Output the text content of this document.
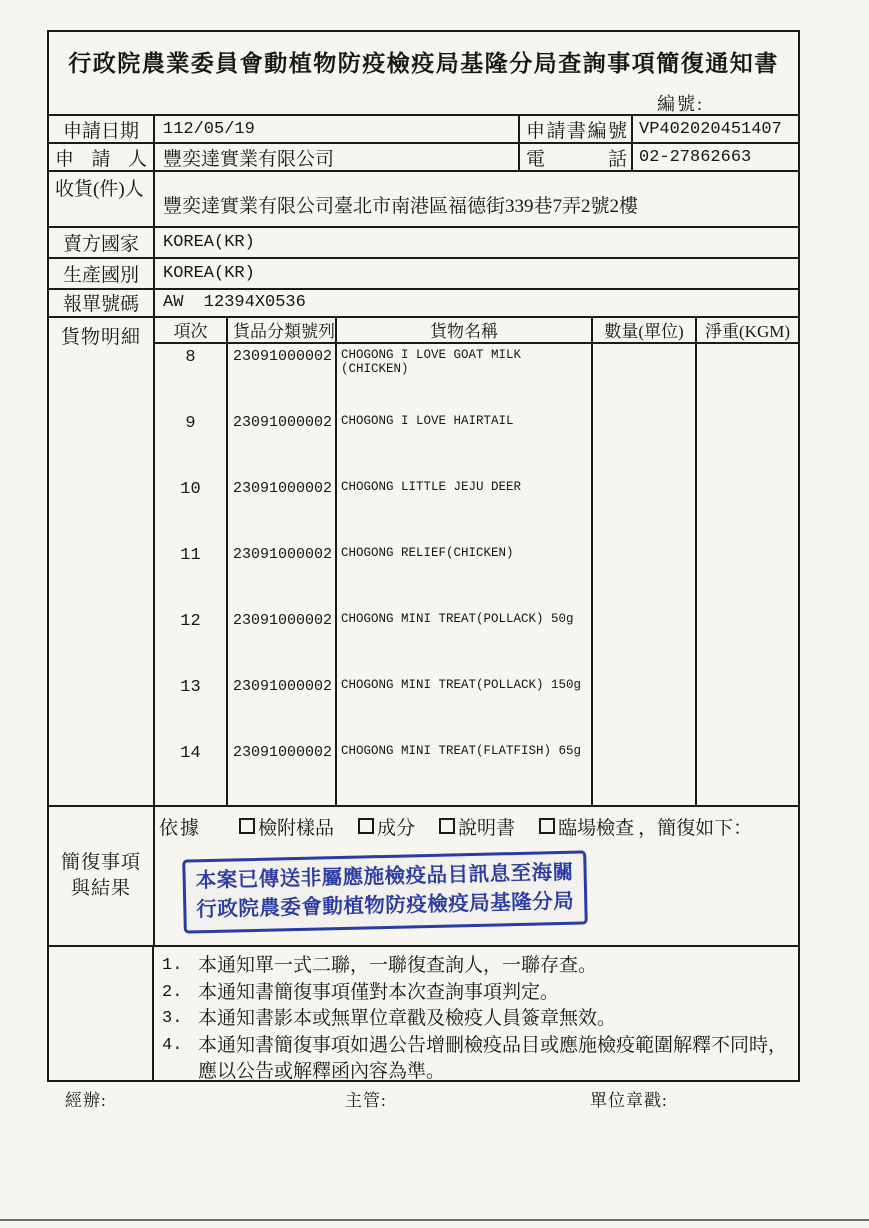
行政院農業委員會動植物防疫檢疫局基隆分局查詢事項簡復通知書
編號:
申請日期	112/05/19	申請書編號 VP402020451407
申 請 人 豐奕達實業有限公司	電話 02-27862663
收貨(件)人
豐奕達實業有限公司臺北市南港區福德街339巷7弄2號2樓
賣方國家	KOREA(KR)
生產國別	KOREA(KR)
報單號碼	AW  12394X0536
貨物明細	項次	貨品分類號列	貨物名稱	數量(單位)	淨重(KGM)
8	23091000002 CHOGONG I LOVE GOAT MILK (CHICKEN)
9	23091000002 CHOGONG I LOVE HAIRTAIL
10	23091000002 CHOGONG LITTLE JEJU DEER
11	23091000002 CHOGONG RELIEF(CHICKEN)
12	23091000002 CHOGONG MINI TREAT(POLLACK) 50g
13	23091000002 CHOGONG MINI TREAT(POLLACK) 150g
14	23091000002 CHOGONG MINI TREAT(FLATFISH) 65g
簡復事項
與結果
依據	檢附樣品 成分 說明書 臨場檢查 ，簡復如下：
本案已傳送非屬應施檢疫品目訊息至海關
行政院農委會動植物防疫檢疫局基隆分局
1. 本通知單一式二聯，一聯復查詢人，一聯存查。
2. 本通知書簡復事項僅對本次查詢事項判定。
3. 本通知書影本或無單位章戳及檢疫人員簽章無效。
4. 本通知書簡復事項如遇公告增刪檢疫品目或應施檢疫範圍解釋不同時，應以公告或解釋函內容為準。
經辦:	主管:	單位章戳:
